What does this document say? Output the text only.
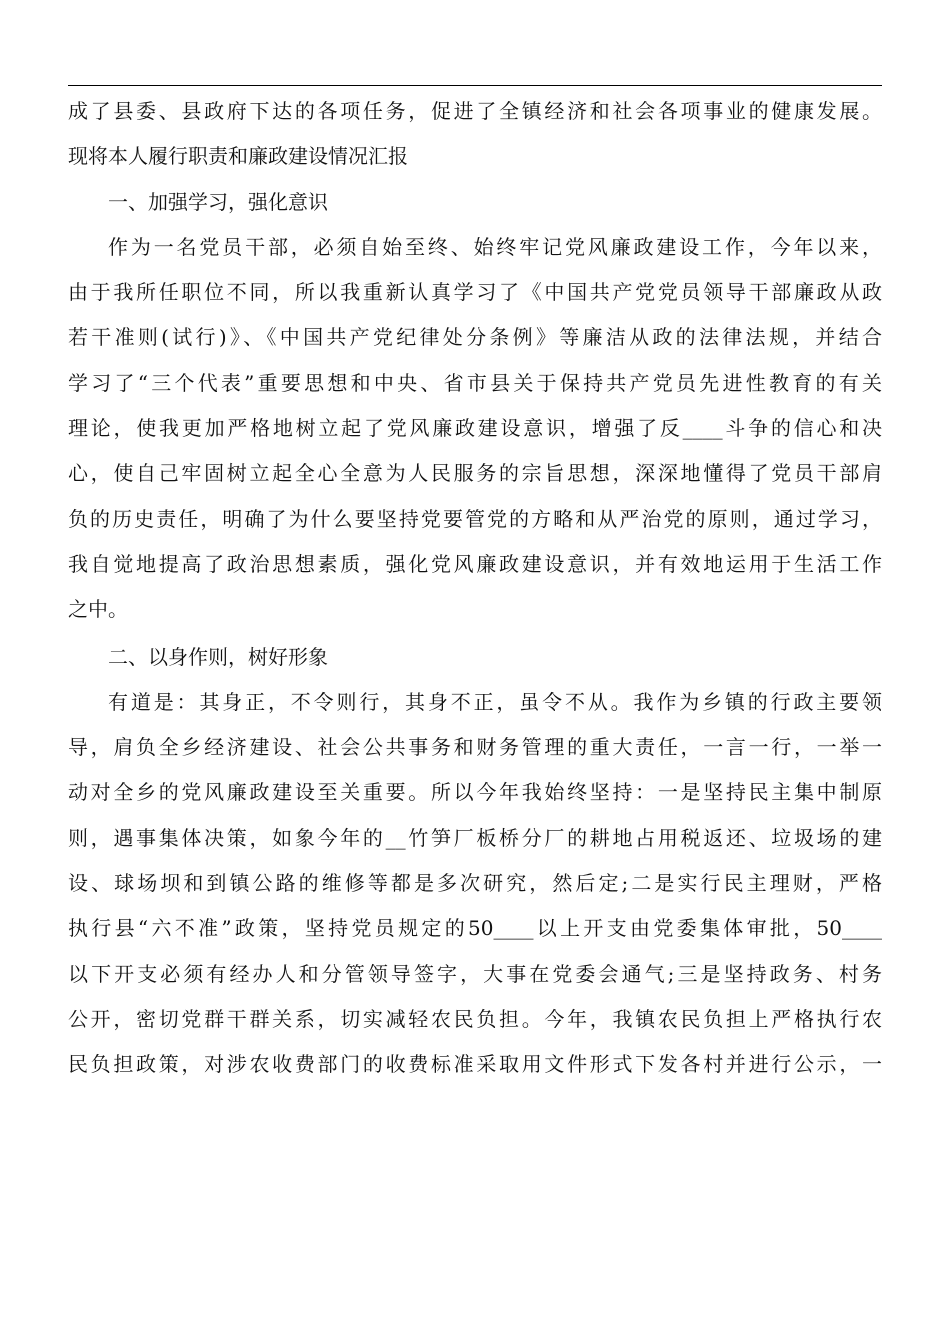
成了县委、县政府下达的各项任务，促进了全镇经济和社会各项事业的健康发展。
现将本人履行职责和廉政建设情况汇报
一、加强学习，强化意识
作为一名党员干部，必须自始至终、始终牢记党风廉政建设工作，今年以来，
由于我所任职位不同，所以我重新认真学习了《中国共产党党员领导干部廉政从政
若干准则(试行)》、《中国共产党纪律处分条例》等廉洁从政的法律法规，并结合
学习了“三个代表”重要思想和中央、省市县关于保持共产党员先进性教育的有关
理论，使我更加严格地树立起了党风廉政建设意识，增强了反____斗争的信心和决
心，使自己牢固树立起全心全意为人民服务的宗旨思想，深深地懂得了党员干部肩
负的历史责任，明确了为什么要坚持党要管党的方略和从严治党的原则，通过学习，
我自觉地提高了政治思想素质，强化党风廉政建设意识，并有效地运用于生活工作
之中。
二、以身作则，树好形象
有道是：其身正，不令则行，其身不正，虽令不从。我作为乡镇的行政主要领
导，肩负全乡经济建设、社会公共事务和财务管理的重大责任，一言一行，一举一
动对全乡的党风廉政建设至关重要。所以今年我始终坚持：一是坚持民主集中制原
则，遇事集体决策，如象今年的__竹笋厂板桥分厂的耕地占用税返还、垃圾场的建
设、球场坝和到镇公路的维修等都是多次研究，然后定;二是实行民主理财，严格
执行县“六不准”政策，坚持党员规定的50____以上开支由党委集体审批，50____
以下开支必须有经办人和分管领导签字，大事在党委会通气;三是坚持政务、村务
公开，密切党群干群关系，切实减轻农民负担。今年，我镇农民负担上严格执行农
民负担政策，对涉农收费部门的收费标准采取用文件形式下发各村并进行公示，一
